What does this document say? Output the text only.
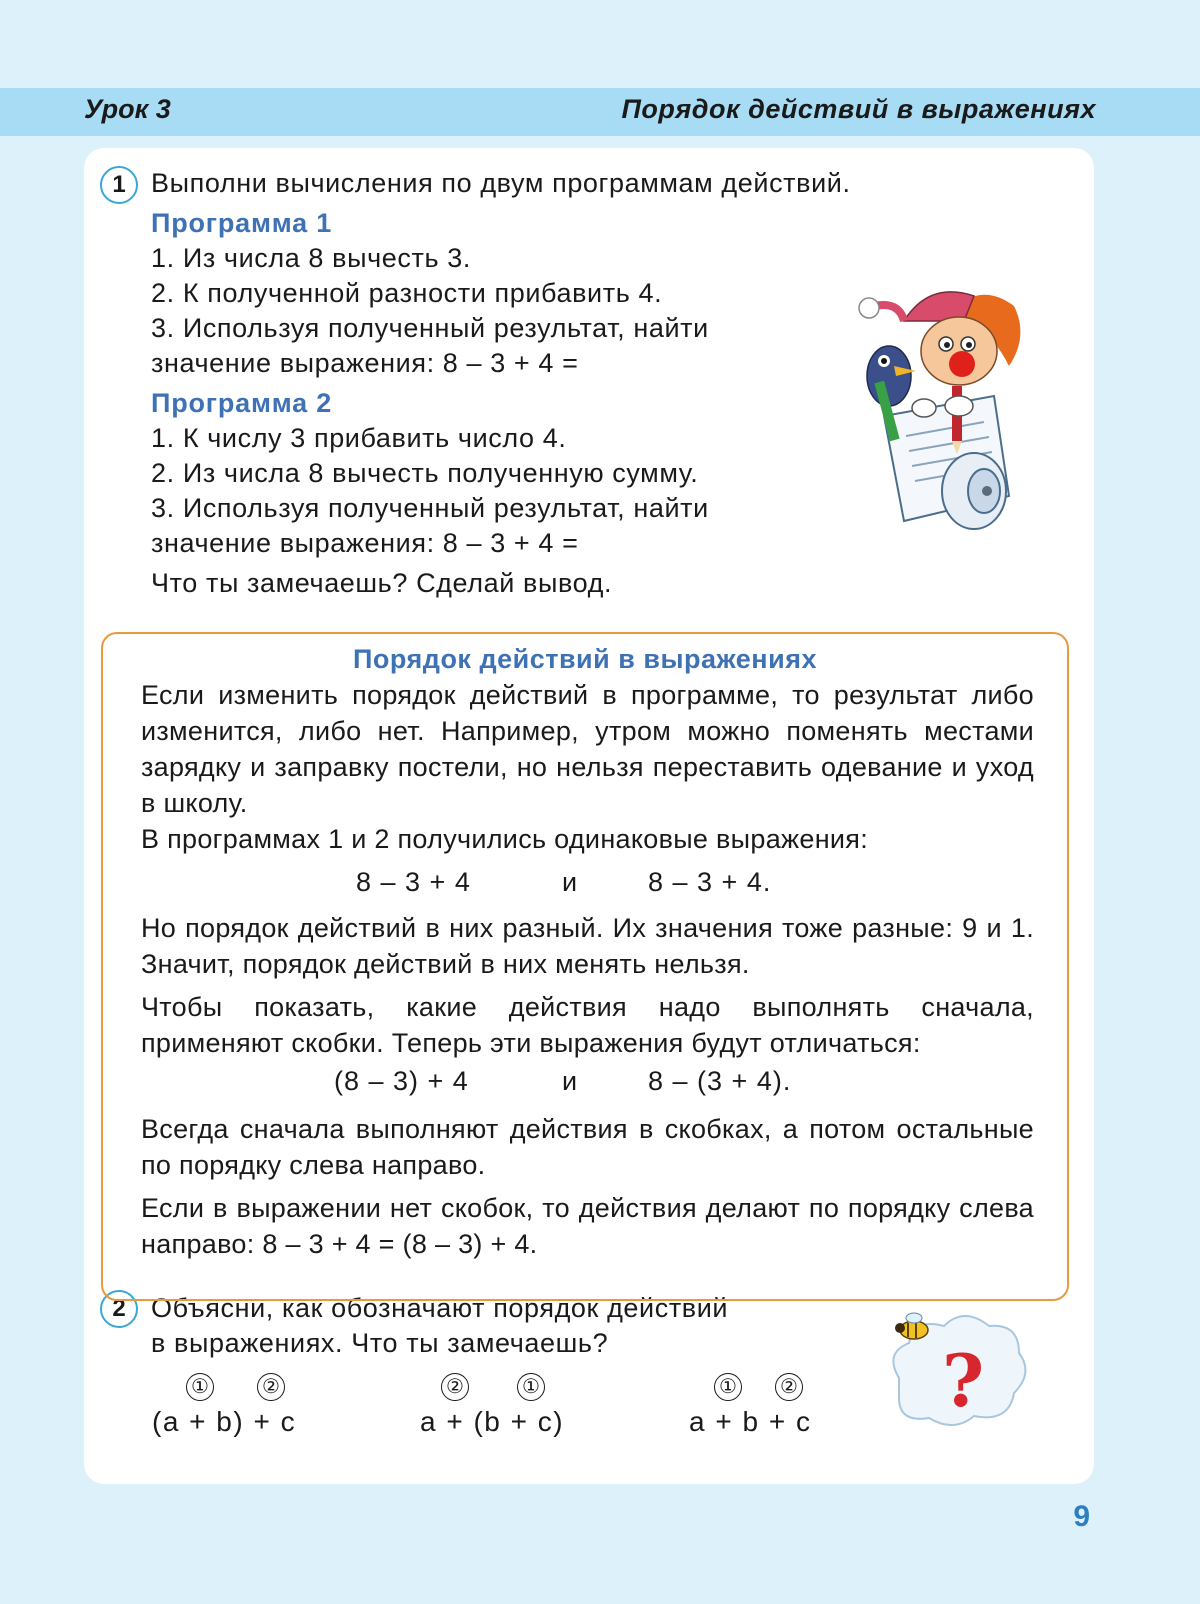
Урок 3	Порядок действий в выражениях
1 Выполни вычисления по двум программам действий.
Программа 1
1. Из числа 8 вычесть 3.
2. К полученной разности прибавить 4.
3. Используя полученный результат, найти
значение выражения: 8 – 3 + 4 =
Программа 2
1. К числу 3 прибавить число 4.
2. Из числа 8 вычесть полученную сумму.
3. Используя полученный результат, найти
значение выражения: 8 – 3 + 4 =
Что ты замечаешь? Сделай вывод.
2 Объясни, как обозначают порядок действий
в выражениях. Что ты замечаешь?
①	②
(a + b) + c
②	①
a + (b + c)
① ②
a + b + c ?
Порядок действий в выражениях
Если изменить порядок действий в программе, то результат либо изменится, либо нет. Например, утром можно поменять местами зарядку и заправку постели, но нельзя переставить одевание и уход в школу.
В программах 1 и 2 получились одинаковые выражения:
8 – 3 + 4	и	8 – 3 + 4.
Но порядок действий в них разный. Их значения тоже разные: 9 и 1. Значит, порядок действий в них менять нельзя.
Чтобы показать, какие действия надо выполнять сначала, применяют скобки. Теперь эти выражения будут отличаться:
(8 – 3) + 4	и	8 – (3 + 4).
Всегда сначала выполняют действия в скобках, а потом остальные по порядку слева направо.
Если в выражении нет скобок, то действия делают по порядку слева направо: 8 – 3 + 4 = (8 – 3) + 4.
9
